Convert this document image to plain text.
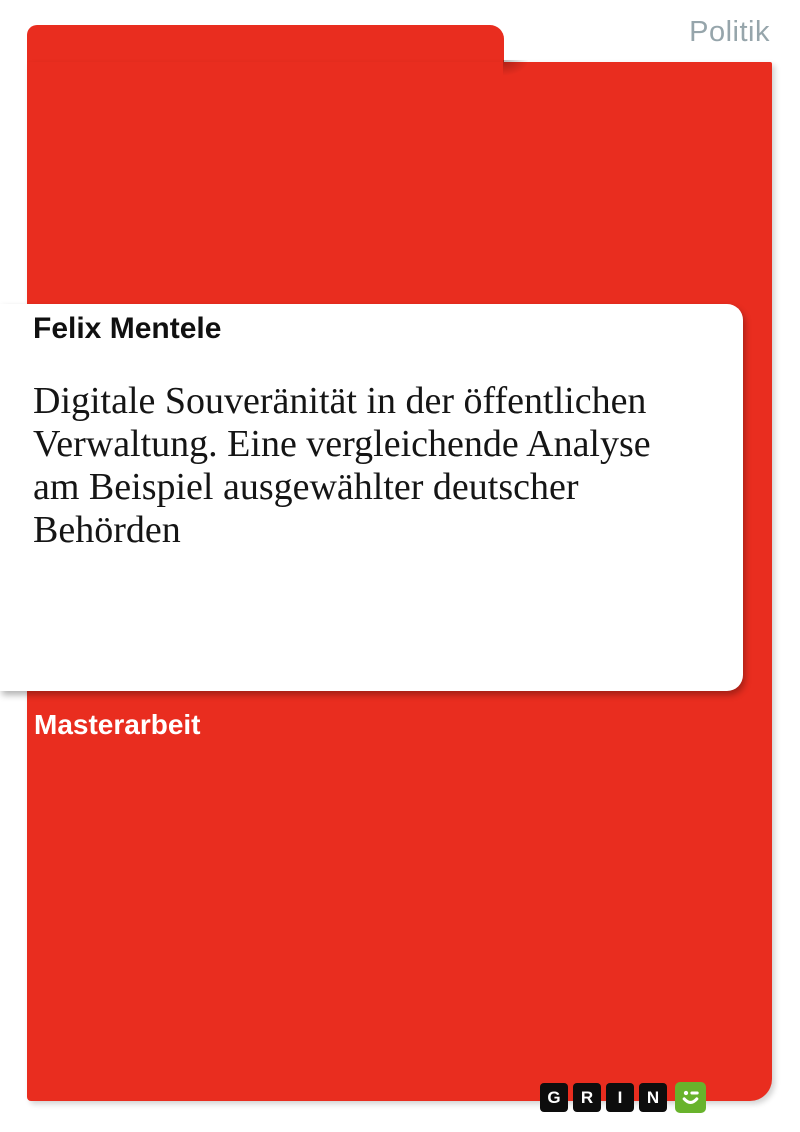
Politik
Felix Mentele
Digitale Souveränität in der öffentlichen
Verwaltung. Eine vergleichende Analyse
am Beispiel ausgewählter deutscher
Behörden
Masterarbeit
G	R	I	N
